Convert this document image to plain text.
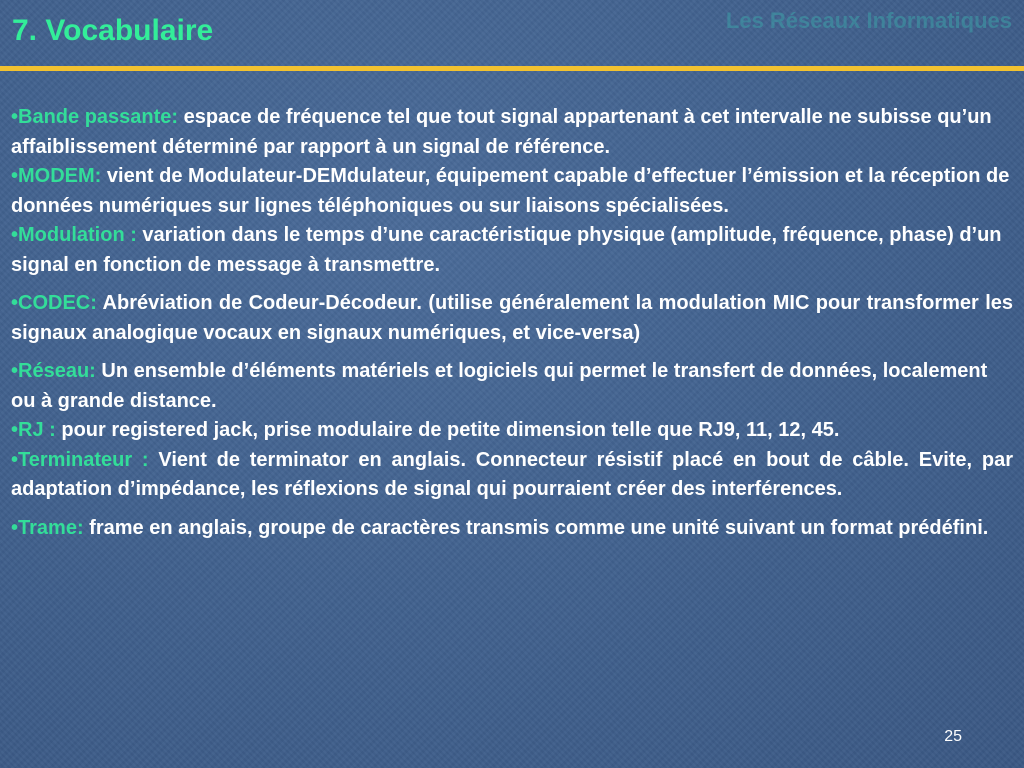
7. Vocabulaire	Les Réseaux Informatiques

•Bande passante: espace de fréquence tel que tout signal appartenant à cet intervalle ne subisse qu’un affaiblissement déterminé par rapport à un signal de référence.

•MODEM: vient de Modulateur-DEMdulateur, équipement capable d’effectuer l’émission et la réception de données numériques sur lignes téléphoniques ou sur liaisons spécialisées.

•Modulation : variation dans le temps d’une caractéristique physique (amplitude, fréquence, phase) d’un signal en fonction de message à transmettre.

•CODEC: Abréviation de Codeur-Décodeur. (utilise généralement la modulation MIC pour transformer les signaux analogique vocaux en signaux numériques, et vice-versa)

•Réseau: Un ensemble d’éléments matériels et logiciels qui permet le transfert de données, localement ou à grande distance.

•RJ : pour registered jack, prise modulaire de petite dimension telle que RJ9, 11, 12, 45.

•Terminateur : Vient de terminator en anglais. Connecteur résistif placé en bout de câble. Evite, par adaptation d’impédance, les réflexions de signal qui pourraient créer des interférences.

•Trame: frame en anglais, groupe de caractères transmis comme une unité suivant un format prédéfini.

25
